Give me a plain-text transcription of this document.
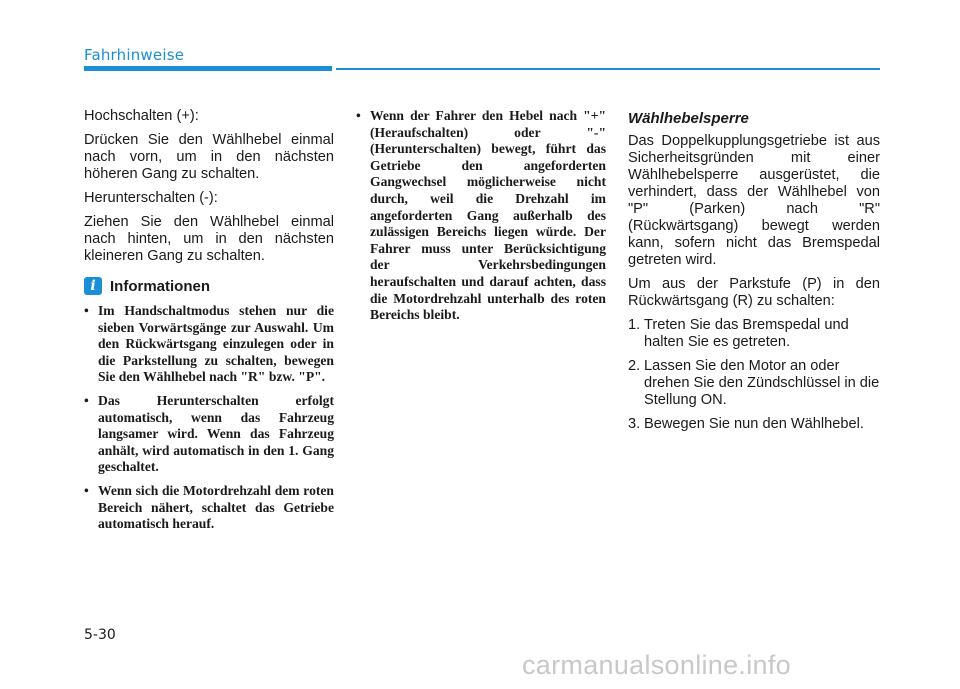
Fahrhinweise

Hochschalten (+):

Drücken Sie den Wählhebel einmal nach vorn, um in den nächsten höheren Gang zu schalten.

Herunterschalten (-):

Ziehen Sie den Wählhebel einmal nach hinten, um in den nächsten kleineren Gang zu schalten.

i Informationen
• Im Handschaltmodus stehen nur die sieben Vorwärtsgänge zur Auswahl. Um den Rückwärtsgang einzulegen oder in die Parkstellung zu schalten, bewegen Sie den Wählhebel nach "R" bzw. "P".
• Das Herunterschalten erfolgt automatisch, wenn das Fahrzeug langsamer wird. Wenn das Fahrzeug anhält, wird automatisch in den 1. Gang geschaltet.
• Wenn sich die Motordrehzahl dem roten Bereich nähert, schaltet das Getriebe automatisch herauf.
• Wenn der Fahrer den Hebel nach "+" (Heraufschalten) oder "-" (Herunterschalten) bewegt, führt das Getriebe den angeforderten Gangwechsel möglicherweise nicht durch, weil die Drehzahl im angeforderten Gang außerhalb des zulässigen Bereichs liegen würde. Der Fahrer muss unter Berücksichtigung der Verkehrsbedingungen heraufschalten und darauf achten, dass die Motordrehzahl unterhalb des roten Bereichs bleibt.
Wählhebelsperre

Das Doppelkupplungsgetriebe ist aus Sicherheitsgründen mit einer Wählhebelsperre ausgerüstet, die verhindert, dass der Wählhebel von "P" (Parken) nach "R" (Rückwärtsgang) bewegt werden kann, sofern nicht das Bremspedal getreten wird.

Um aus der Parkstufe (P) in den Rückwärtsgang (R) zu schalten:

1. Treten Sie das Bremspedal und halten Sie es getreten.
2. Lassen Sie den Motor an oder drehen Sie den Zündschlüssel in die Stellung ON.
3. Bewegen Sie nun den Wählhebel.
5-30
carmanualsonline.info
